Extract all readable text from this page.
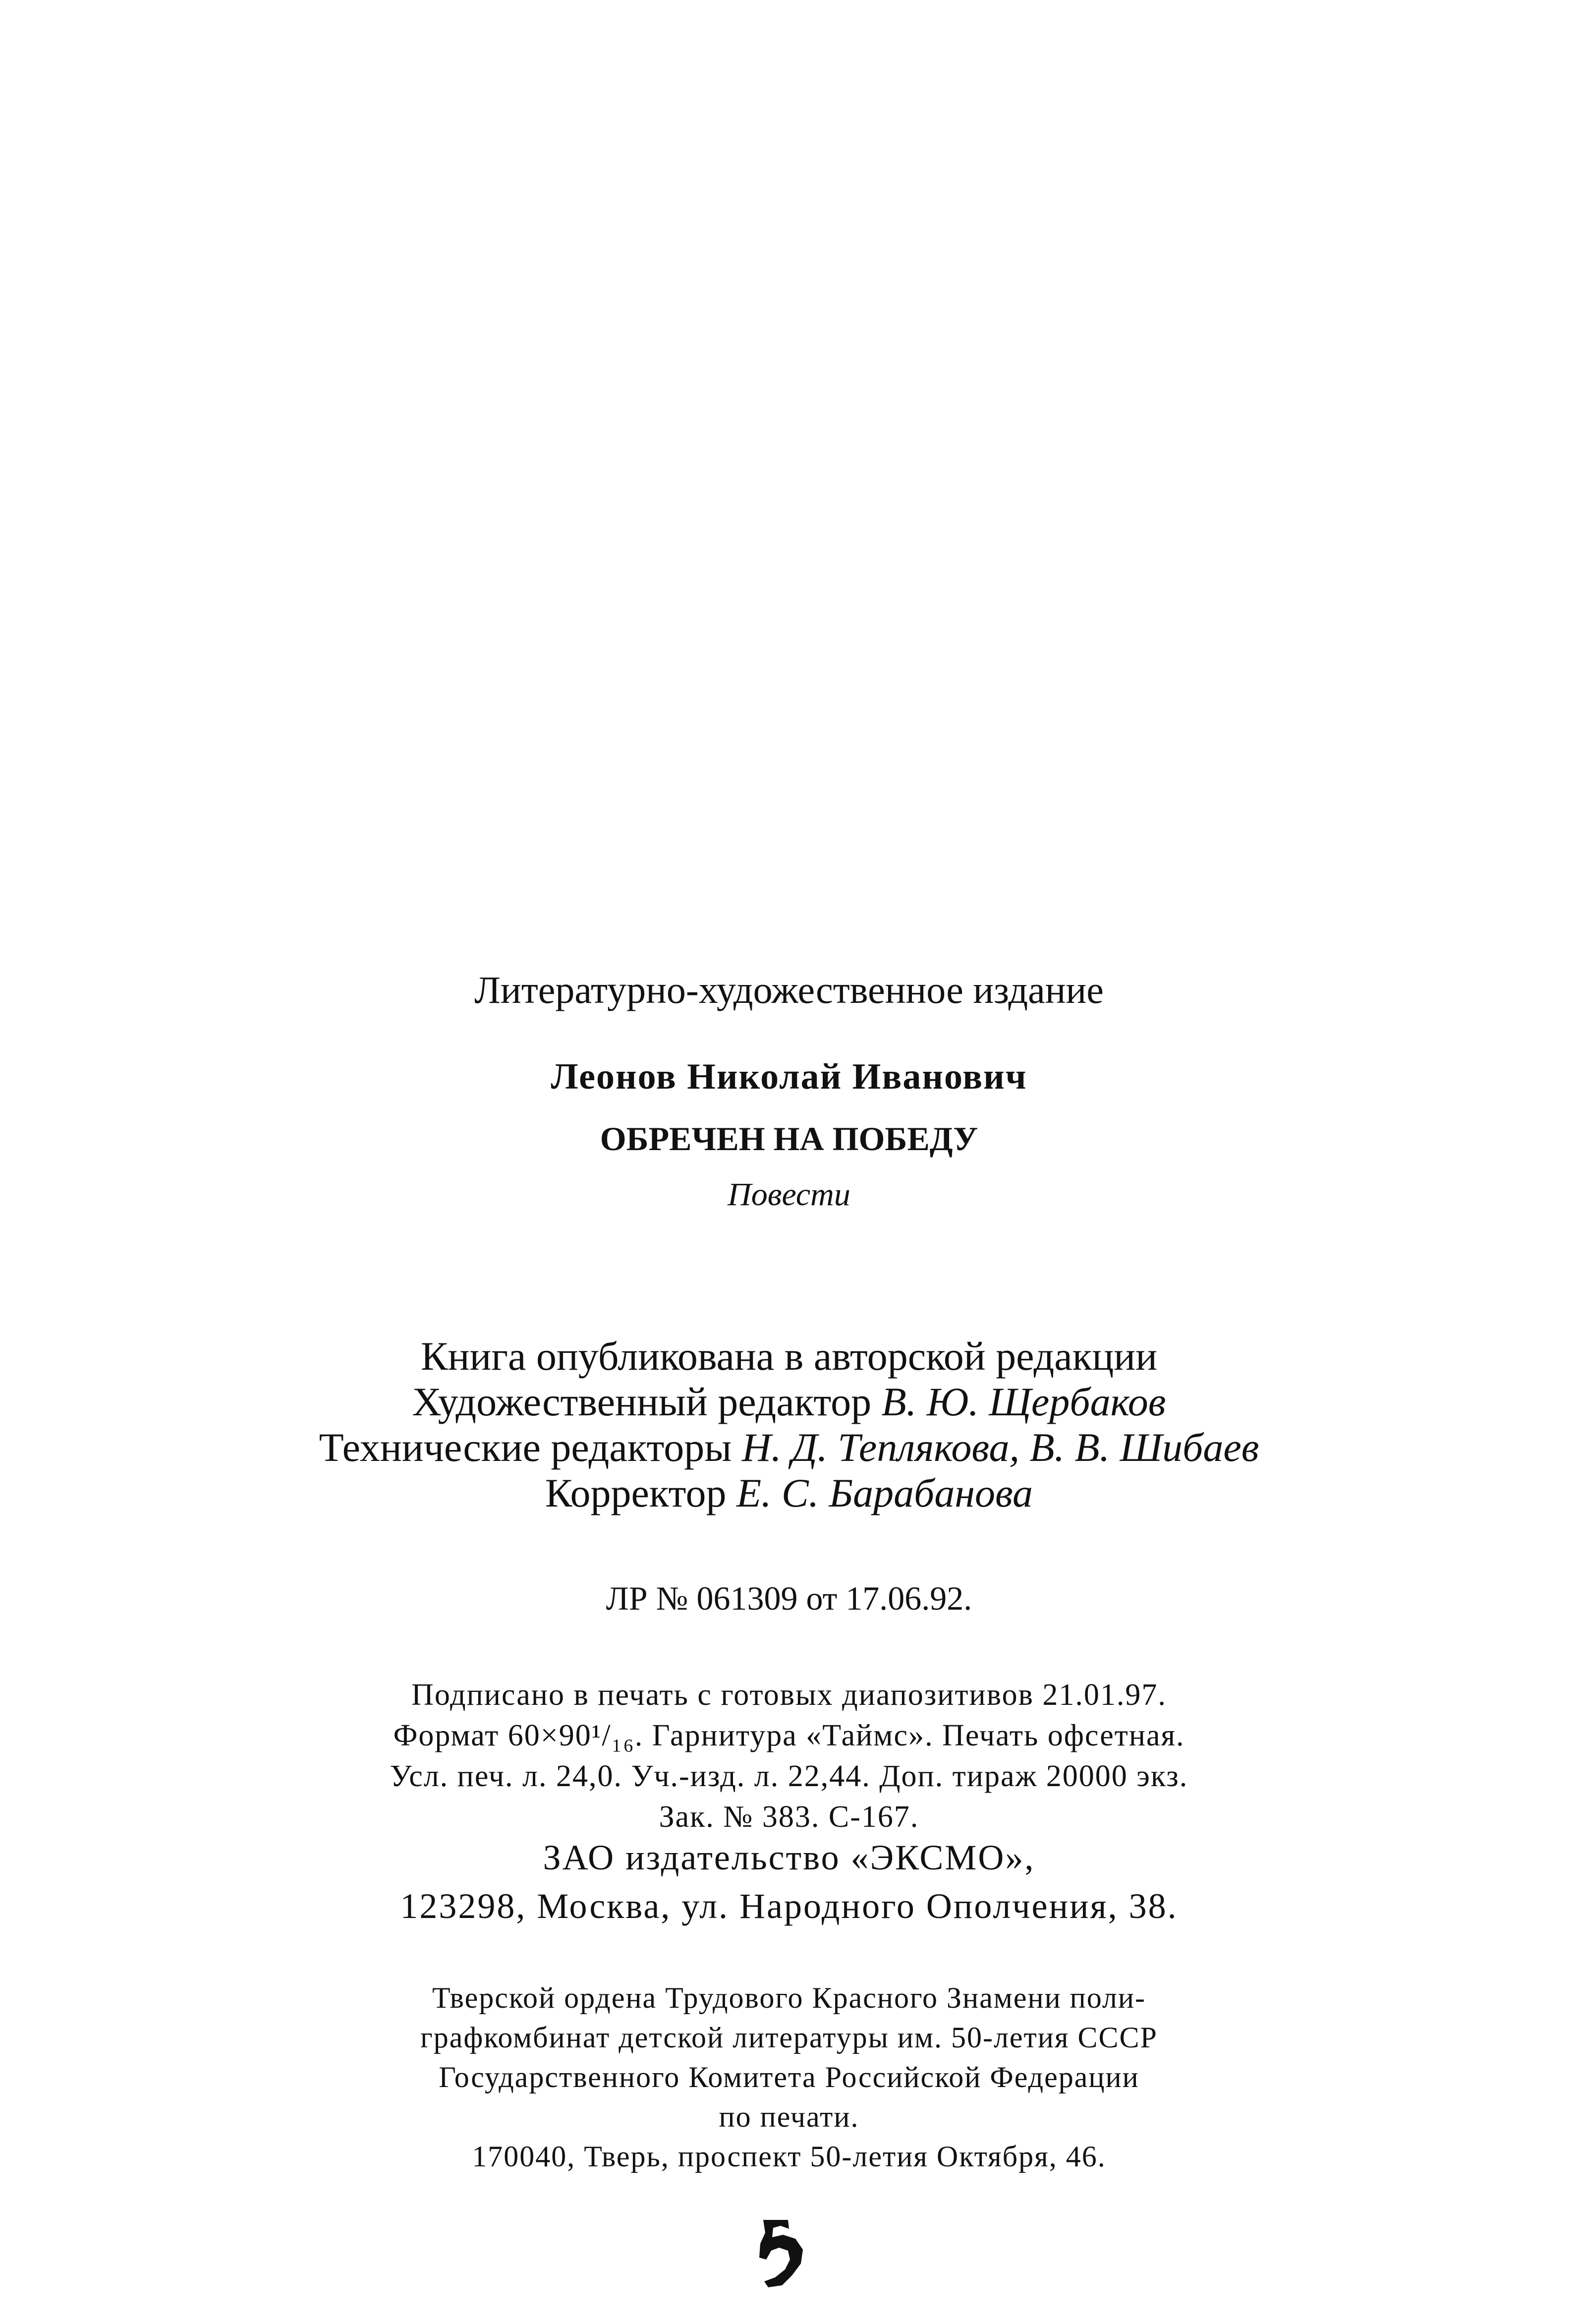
Литературно-художественное издание
Леонов Николай Иванович
ОБРЕЧЕН НА ПОБЕДУ
Повести
Книга опубликована в авторской редакции
Художественный редактор В. Ю. Щербаков
Технические редакторы Н. Д. Теплякова, В. В. Шибаев
Корректор Е. С. Барабанова
ЛР № 061309 от 17.06.92.
Подписано в печать с готовых диапозитивов 21.01.97.
Формат 60×90¹/₁₆. Гарнитура «Таймс». Печать офсетная.
Усл. печ. л. 24,0. Уч.-изд. л. 22,44. Доп. тираж 20000 экз.
Зак. № 383. С-167.
ЗАО издательство «ЭКСМО»,
123298, Москва, ул. Народного Ополчения, 38.
Тверской ордена Трудового Красного Знамени поли-
графкомбинат детской литературы им. 50-летия СССР
Государственного Комитета Российской Федерации
по печати.
170040, Тверь, проспект 50-летия Октября, 46.
